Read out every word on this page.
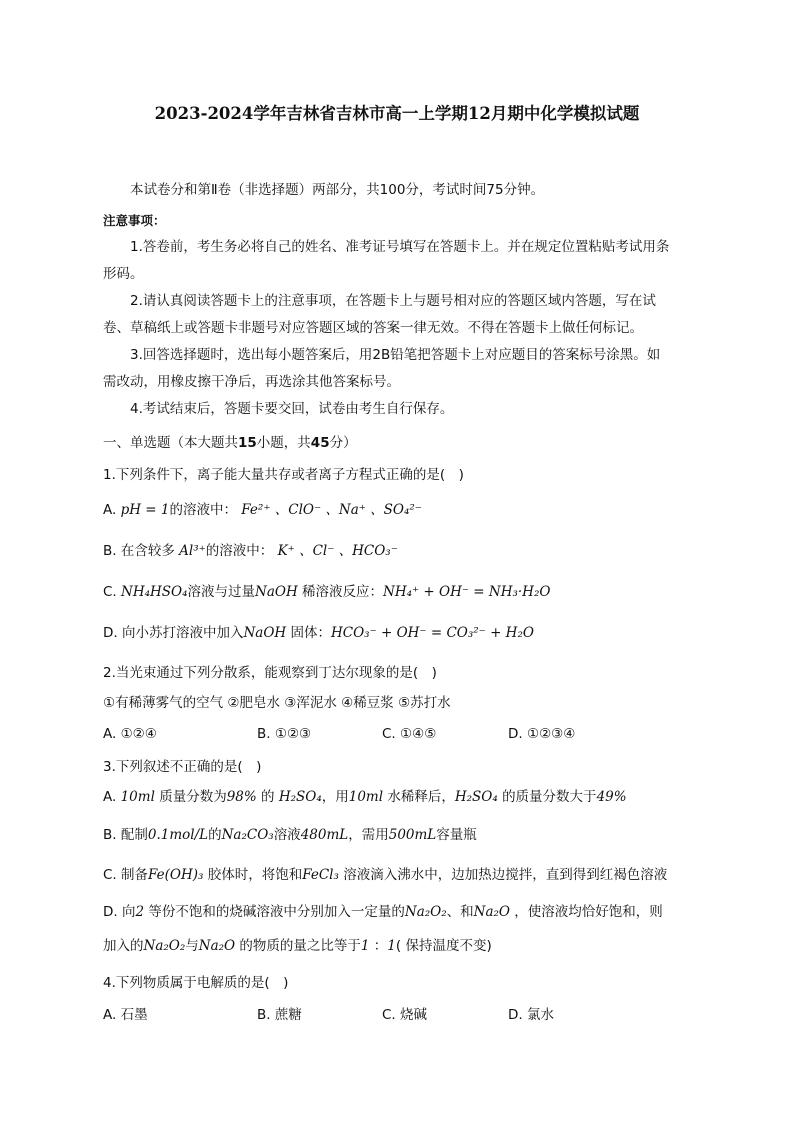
2023-2024学年吉林省吉林市高一上学期12月期中化学模拟试题
本试卷分和第Ⅱ卷（非选择题）两部分，共100分，考试时间75分钟。
注意事项：
1.答卷前，考生务必将自己的姓名、准考证号填写在答题卡上。并在规定位置粘贴考试用条
形码。
2.请认真阅读答题卡上的注意事项，在答题卡上与题号相对应的答题区域内答题，写在试
卷、草稿纸上或答题卡非题号对应答题区域的答案一律无效。不得在答题卡上做任何标记。
3.回答选择题时，选出每小题答案后，用2B铅笔把答题卡上对应题目的答案标号涂黑。如
需改动，用橡皮擦干净后，再选涂其他答案标号。
4.考试结束后，答题卡要交回，试卷由考生自行保存。
一、单选题（本大题共15小题，共45分）
1.下列条件下，离子能大量共存或者离子方程式正确的是(　)
A. pH = 1的溶液中： Fe²⁺ 、ClO⁻ 、Na⁺ 、SO₄²⁻
B. 在含较多 Al³⁺的溶液中： K⁺ 、Cl⁻ 、HCO₃⁻
C. NH₄HSO₄溶液与过量NaOH 稀溶液反应：NH₄⁺ + OH⁻ = NH₃·H₂O
D. 向小苏打溶液中加入NaOH 固体：HCO₃⁻ + OH⁻ = CO₃²⁻ + H₂O
2.当光束通过下列分散系，能观察到丁达尔现象的是(　)
①有稀薄雾气的空气 ②肥皂水 ③浑泥水 ④稀豆浆 ⑤苏打水
A. ①②④	B. ①②③	C. ①④⑤	D. ①②③④
3.下列叙述不正确的是(　)
A. 10ml 质量分数为98% 的 H₂SO₄，用10ml 水稀释后，H₂SO₄ 的质量分数大于49%
B. 配制0.1mol/L的Na₂CO₃溶液480mL，需用500mL容量瓶
C. 制备Fe(OH)₃ 胶体时，将饱和FeCl₃ 溶液滴入沸水中，边加热边搅拌，直到得到红褐色溶液
D. 向2 等份不饱和的烧碱溶液中分别加入一定量的Na₂O₂、和Na₂O ，使溶液均恰好饱和，则
加入的Na₂O₂与Na₂O 的物质的量之比等于1 ：1( 保持温度不变)
4.下列物质属于电解质的是(　)
A. 石墨	B. 蔗糖	C. 烧碱	D. 氯水
